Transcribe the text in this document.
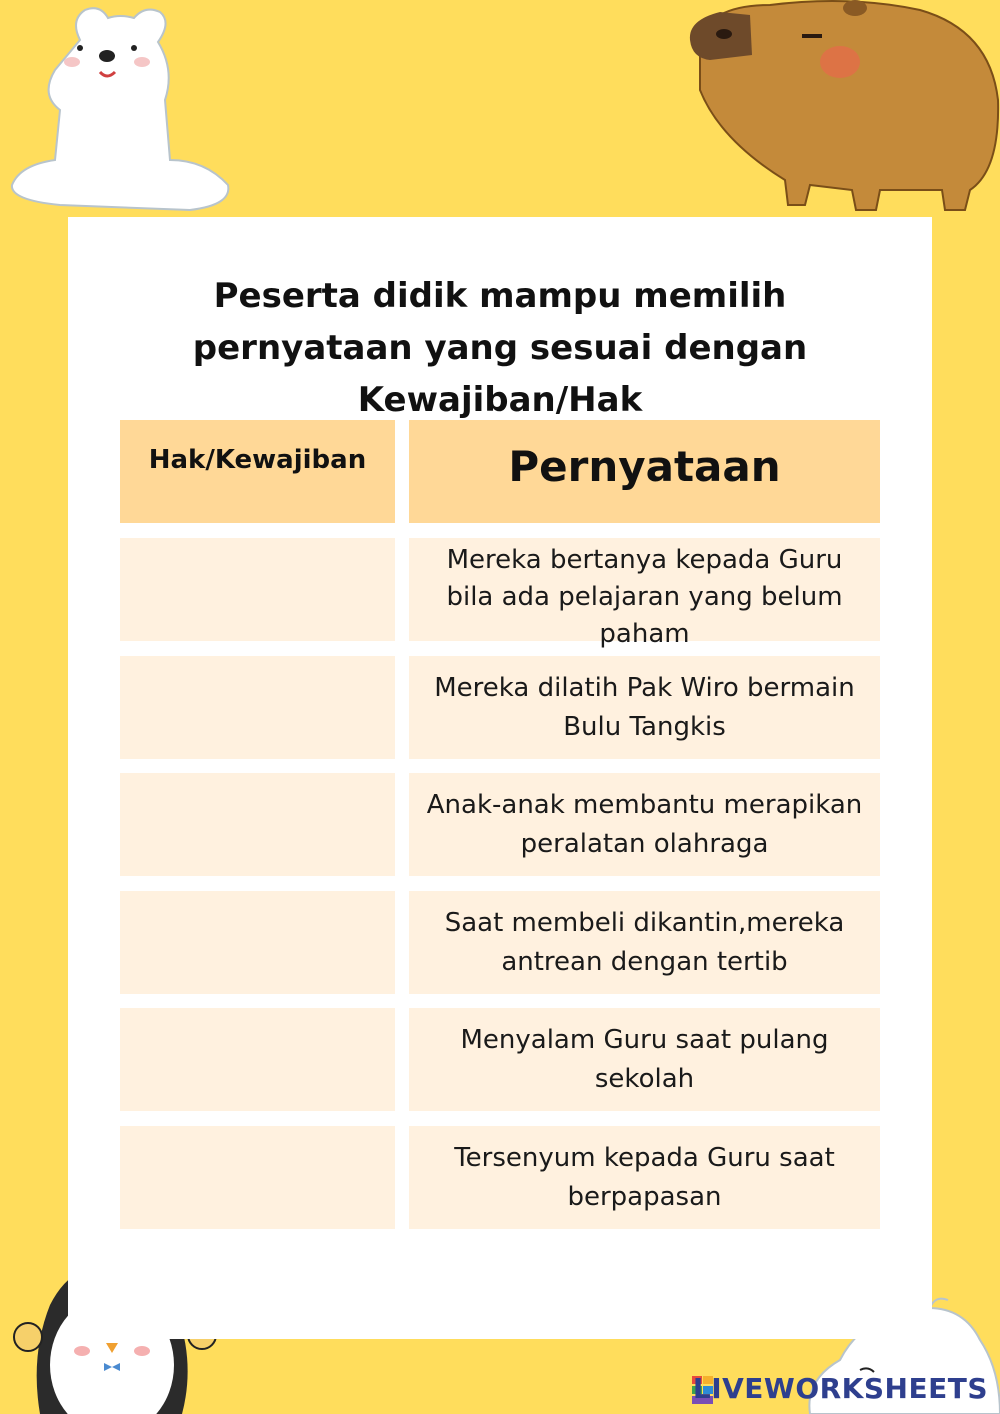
Peserta didik mampu memilih pernyataan yang sesuai dengan Kewajiban/Hak
Hak/Kewajiban	Pernyataan
Mereka bertanya kepada Guru bila ada pelajaran yang belum paham
Mereka dilatih Pak Wiro bermain Bulu Tangkis
Anak-anak membantu merapikan peralatan olahraga
Saat membeli dikantin,mereka antrean dengan tertib
Menyalam Guru saat pulang sekolah
Tersenyum kepada Guru saat berpapasan
LIVEWORKSHEETS
